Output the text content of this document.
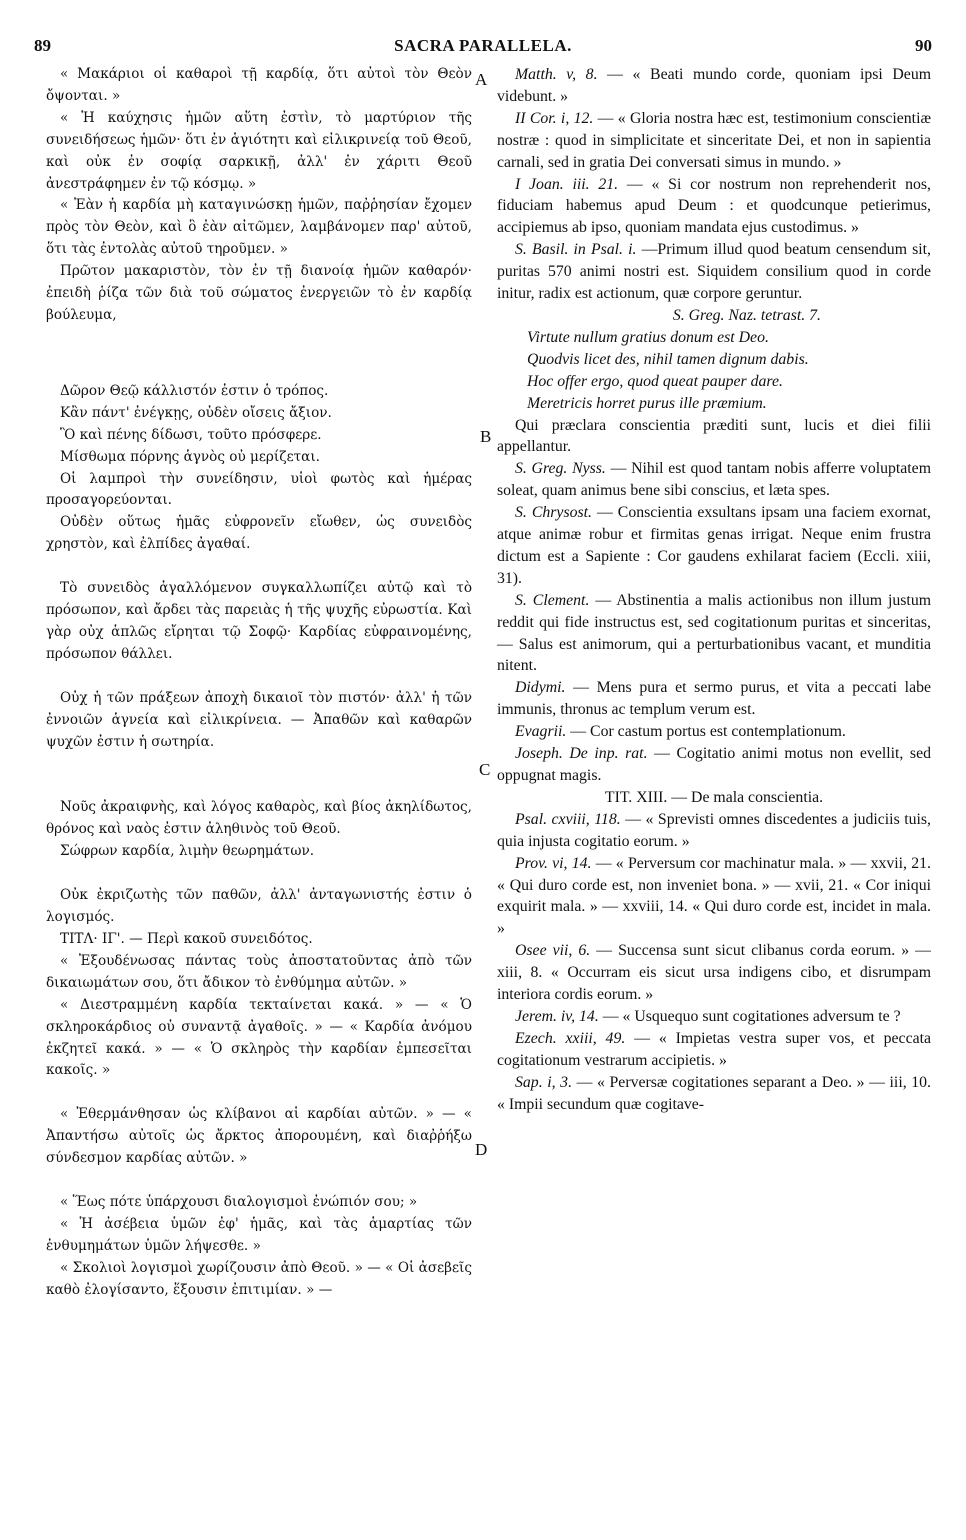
89	SACRA PARALLELA.	90
A
B
C
D

« Μακάριοι οἱ καθαροὶ τῇ καρδίᾳ, ὅτι αὐτοὶ τὸν Θεὸν ὄψονται. »

« Ἡ καύχησις ἡμῶν αὕτη ἐστὶν, τὸ μαρτύριον τῆς συνειδήσεως ἡμῶν· ὅτι ἐν ἁγιότητι καὶ εἰλικρινείᾳ τοῦ Θεοῦ, καὶ οὐκ ἐν σοφίᾳ σαρκικῇ, ἀλλ' ἐν χάριτι Θεοῦ ἀνεστράφημεν ἐν τῷ κόσμῳ. »

« Ἐὰν ἡ καρδία μὴ καταγινώσκῃ ἡμῶν, παῤῥησίαν ἔχομεν πρὸς τὸν Θεὸν, καὶ ὃ ἐὰν αἰτῶμεν, λαμβάνομεν παρ' αὐτοῦ, ὅτι τὰς ἐντολὰς αὐτοῦ τηροῦμεν. »

Πρῶτον μακαριστὸν, τὸν ἐν τῇ διανοίᾳ ἡμῶν καθαρόν· ἐπειδὴ ῥίζα τῶν διὰ τοῦ σώματος ἐνεργειῶν τὸ ἐν καρδίᾳ βούλευμα,

Δῶρον Θεῷ κάλλιστόν ἐστιν ὁ τρόπος.

Κἂν πάντ' ἐνέγκῃς, οὐδὲν οἴσεις ἄξιον.

Ὃ καὶ πένης δίδωσι, τοῦτο πρόσφερε.

Μίσθωμα πόρνης ἁγνὸς οὐ μερίζεται.

Οἱ λαμπροὶ τὴν συνείδησιν, υἱοὶ φωτὸς καὶ ἡμέρας προσαγορεύονται.

Οὐδὲν οὕτως ἡμᾶς εὐφρονεῖν εἴωθεν, ὡς συνειδὸς χρηστὸν, καὶ ἐλπίδες ἀγαθαί.

Τὸ συνειδὸς ἀγαλλόμενον συγκαλλωπίζει αὐτῷ καὶ τὸ πρόσωπον, καὶ ἄρδει τὰς παρειὰς ἡ τῆς ψυχῆς εὐρωστία. Καὶ γὰρ οὐχ ἁπλῶς εἴρηται τῷ Σοφῷ· Καρδίας εὐφραινομένης, πρόσωπον θάλλει.

Οὐχ ἡ τῶν πράξεων ἀποχὴ δικαιοῖ τὸν πιστόν· ἀλλ' ἡ τῶν ἐννοιῶν ἁγνεία καὶ εἰλικρίνεια. — Ἀπαθῶν καὶ καθαρῶν ψυχῶν ἐστιν ἡ σωτηρία.

Νοῦς ἀκραιφνὴς, καὶ λόγος καθαρὸς, καὶ βίος ἀκηλίδωτος, θρόνος καὶ ναὸς ἐστιν ἀληθινὸς τοῦ Θεοῦ.

Σώφρων καρδία, λιμὴν θεωρημάτων.

Οὐκ ἐκριζωτὴς τῶν παθῶν, ἀλλ' ἀνταγωνιστής ἐστιν ὁ λογισμός.

ΤΙΤΛ· ΙΓ'. — Περὶ κακοῦ συνειδότος.

« Ἐξουδένωσας πάντας τοὺς ἀποστατοῦντας ἀπὸ τῶν δικαιωμάτων σου, ὅτι ἄδικον τὸ ἐνθύμημα αὐτῶν. »

« Διεστραμμένη καρδία τεκταίνεται κακά. » — « Ὁ σκληροκάρδιος οὐ συναντᾷ ἀγαθοῖς. » — « Καρδία ἀνόμου ἐκζητεῖ κακά. » — « Ὁ σκληρὸς τὴν καρδίαν ἐμπεσεῖται κακοῖς. »

« Ἐθερμάνθησαν ὡς κλίβανοι αἱ καρδίαι αὐτῶν. » — « Ἀπαντήσω αὐτοῖς ὡς ἄρκτος ἀπορουμένη, καὶ διαῤῥήξω σύνδεσμον καρδίας αὐτῶν. »

« Ἕως πότε ὑπάρχουσι διαλογισμοὶ ἐνώπιόν σου; »

« Ἡ ἀσέβεια ὑμῶν ἐφ' ἡμᾶς, καὶ τὰς ἁμαρτίας τῶν ἐνθυμημάτων ὑμῶν λήψεσθε. »

« Σκολιοὶ λογισμοὶ χωρίζουσιν ἀπὸ Θεοῦ. » — « Οἱ ἀσεβεῖς καθὸ ἐλογίσαντο, ἕξουσιν ἐπιτιμίαν. » —

Matth. v, 8. — « Beati mundo corde, quoniam ipsi Deum videbunt. »

II Cor. i, 12. — « Gloria nostra hæc est, testimonium conscientiæ nostræ : quod in simplicitate et sinceritate Dei, et non in sapientia carnali, sed in gratia Dei conversati simus in mundo. »

I Joan. iii. 21. — « Si cor nostrum non reprehenderit nos, fiduciam habemus apud Deum : et quodcunque petierimus, accipiemus ab ipso, quoniam mandata ejus custodimus. »

S. Basil. in Psal. i. —Primum illud quod beatum censendum sit, puritas 570 animi nostri est. Siquidem consilium quod in corde initur, radix est actionum, quæ corpore geruntur.

S. Greg. Naz. tetrast. 7.

Virtute nullum gratius donum est Deo.

Quodvis licet des, nihil tamen dignum dabis.

Hoc offer ergo, quod queat pauper dare.

Meretricis horret purus ille præmium.

Qui præclara conscientia præditi sunt, lucis et diei filii appellantur.

S. Greg. Nyss. — Nihil est quod tantam nobis afferre voluptatem soleat, quam animus bene sibi conscius, et læta spes.

S. Chrysost. — Conscientia exsultans ipsam una faciem exornat, atque animæ robur et firmitas genas irrigat. Neque enim frustra dictum est a Sapiente : Cor gaudens exhilarat faciem (Eccli. xiii, 31).

S. Clement. — Abstinentia a malis actionibus non illum justum reddit qui fide instructus est, sed cogitationum puritas et sinceritas, — Salus est animorum, qui a perturbationibus vacant, et munditia nitent.

Didymi. — Mens pura et sermo purus, et vita a peccati labe immunis, thronus ac templum verum est.

Evagrii. — Cor castum portus est contemplationum.

Joseph. De inp. rat. — Cogitatio animi motus non evellit, sed oppugnat magis.

TIT. XIII. — De mala conscientia.

Psal. cxviii, 118. — « Sprevisti omnes discedentes a judiciis tuis, quia injusta cogitatio eorum. »

Prov. vi, 14. — « Perversum cor machinatur mala. » — xxvii, 21. « Qui duro corde est, non inveniet bona. » — xvii, 21. « Cor iniqui exquirit mala. » — xxviii, 14. « Qui duro corde est, incidet in mala. »

Osee vii, 6. — Succensa sunt sicut clibanus corda eorum. » — xiii, 8. « Occurram eis sicut ursa indigens cibo, et disrumpam interiora cordis eorum. »

Jerem. iv, 14. — « Usquequo sunt cogitationes adversum te ?

Ezech. xxiii, 49. — « Impietas vestra super vos, et peccata cogitationum vestrarum accipietis. »

Sap. i, 3. — « Perversæ cogitationes separant a Deo. » — iii, 10. « Impii secundum quæ cogitave-
